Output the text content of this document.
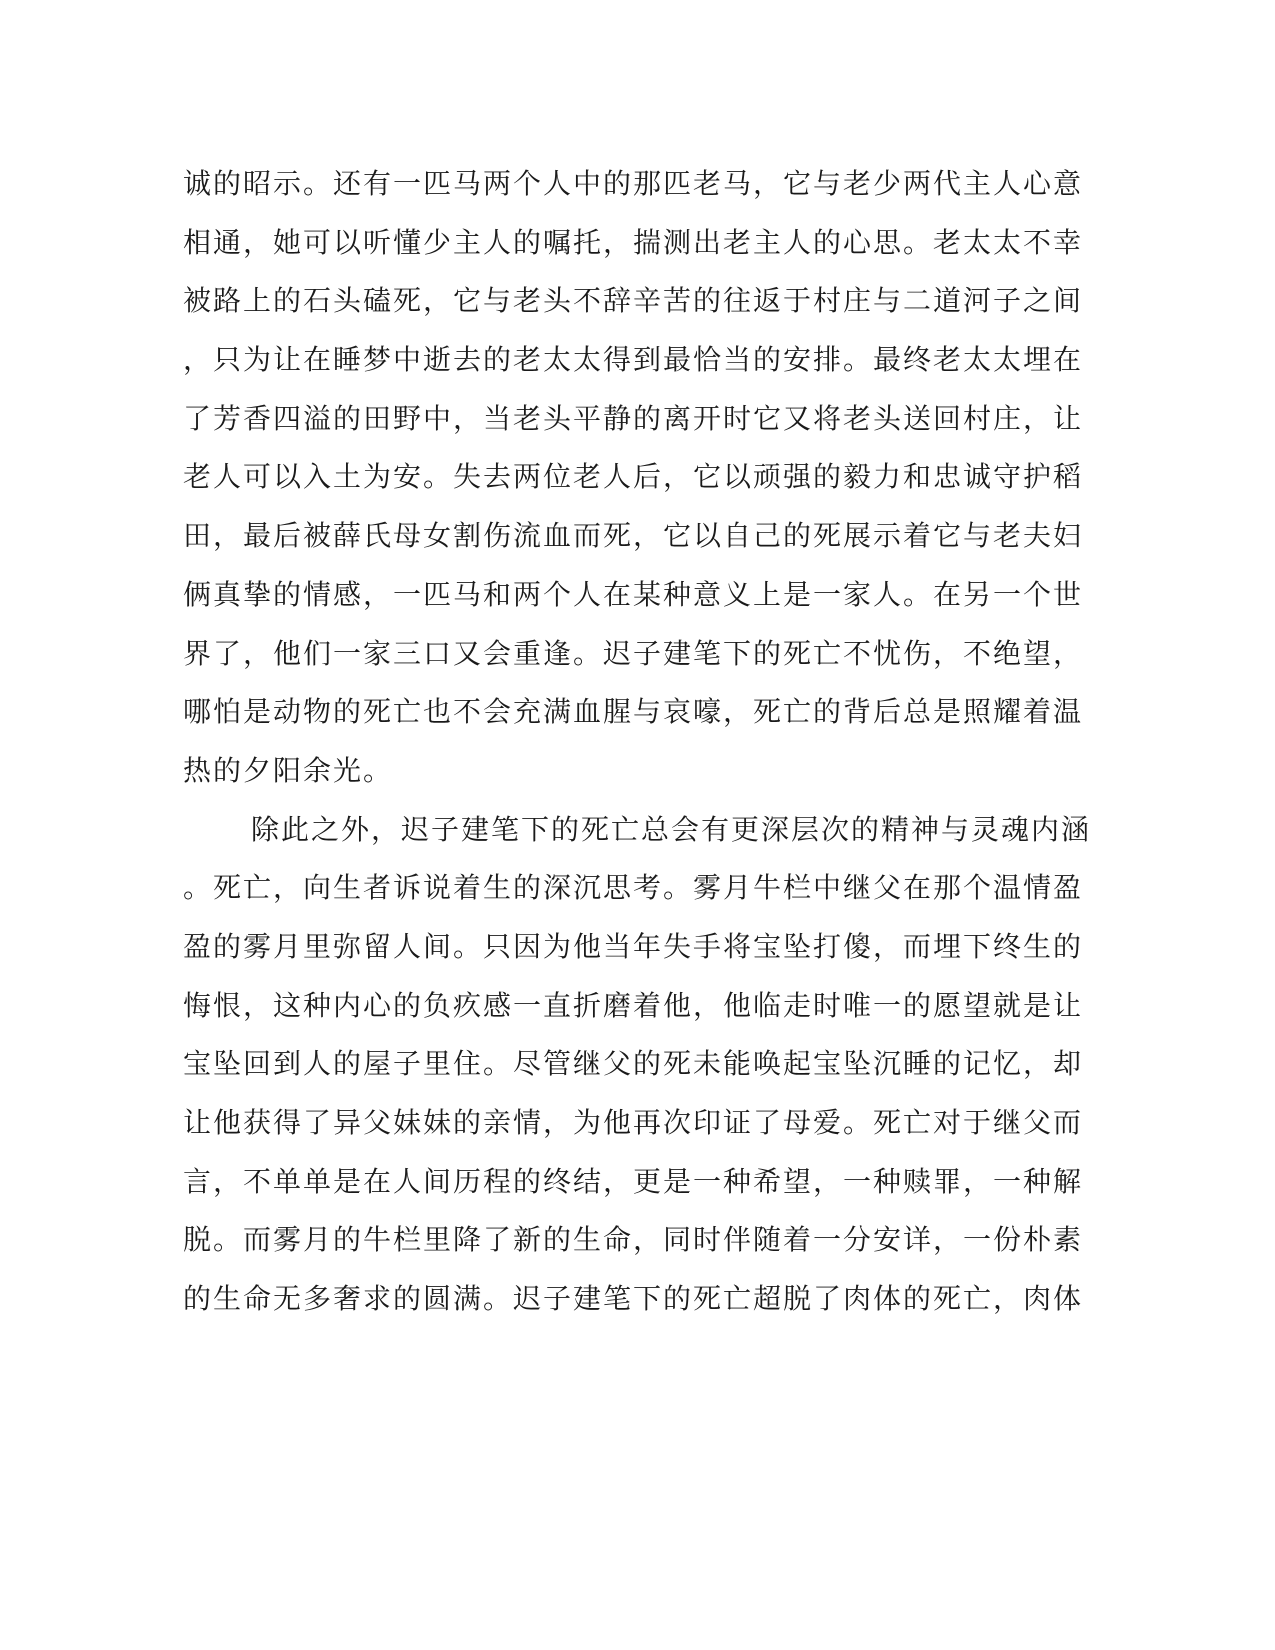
诚的昭示。还有一匹马两个人中的那匹老马，它与老少两代主人心意
相通，她可以听懂少主人的嘱托，揣测出老主人的心思。老太太不幸
被路上的石头磕死，它与老头不辞辛苦的往返于村庄与二道河子之间
，只为让在睡梦中逝去的老太太得到最恰当的安排。最终老太太埋在
了芳香四溢的田野中，当老头平静的离开时它又将老头送回村庄，让
老人可以入土为安。失去两位老人后，它以顽强的毅力和忠诚守护稻
田，最后被薛氏母女割伤流血而死，它以自己的死展示着它与老夫妇
俩真挚的情感，一匹马和两个人在某种意义上是一家人。在另一个世
界了，他们一家三口又会重逢。迟子建笔下的死亡不忧伤，不绝望，
哪怕是动物的死亡也不会充满血腥与哀嚎，死亡的背后总是照耀着温
热的夕阳余光。
除此之外，迟子建笔下的死亡总会有更深层次的精神与灵魂内涵
。死亡，向生者诉说着生的深沉思考。雾月牛栏中继父在那个温情盈
盈的雾月里弥留人间。只因为他当年失手将宝坠打傻，而埋下终生的
悔恨，这种内心的负疚感一直折磨着他，他临走时唯一的愿望就是让
宝坠回到人的屋子里住。尽管继父的死未能唤起宝坠沉睡的记忆，却
让他获得了异父妹妹的亲情，为他再次印证了母爱。死亡对于继父而
言，不单单是在人间历程的终结，更是一种希望，一种赎罪，一种解
脱。而雾月的牛栏里降了新的生命，同时伴随着一分安详，一份朴素
的生命无多奢求的圆满。迟子建笔下的死亡超脱了肉体的死亡，肉体
